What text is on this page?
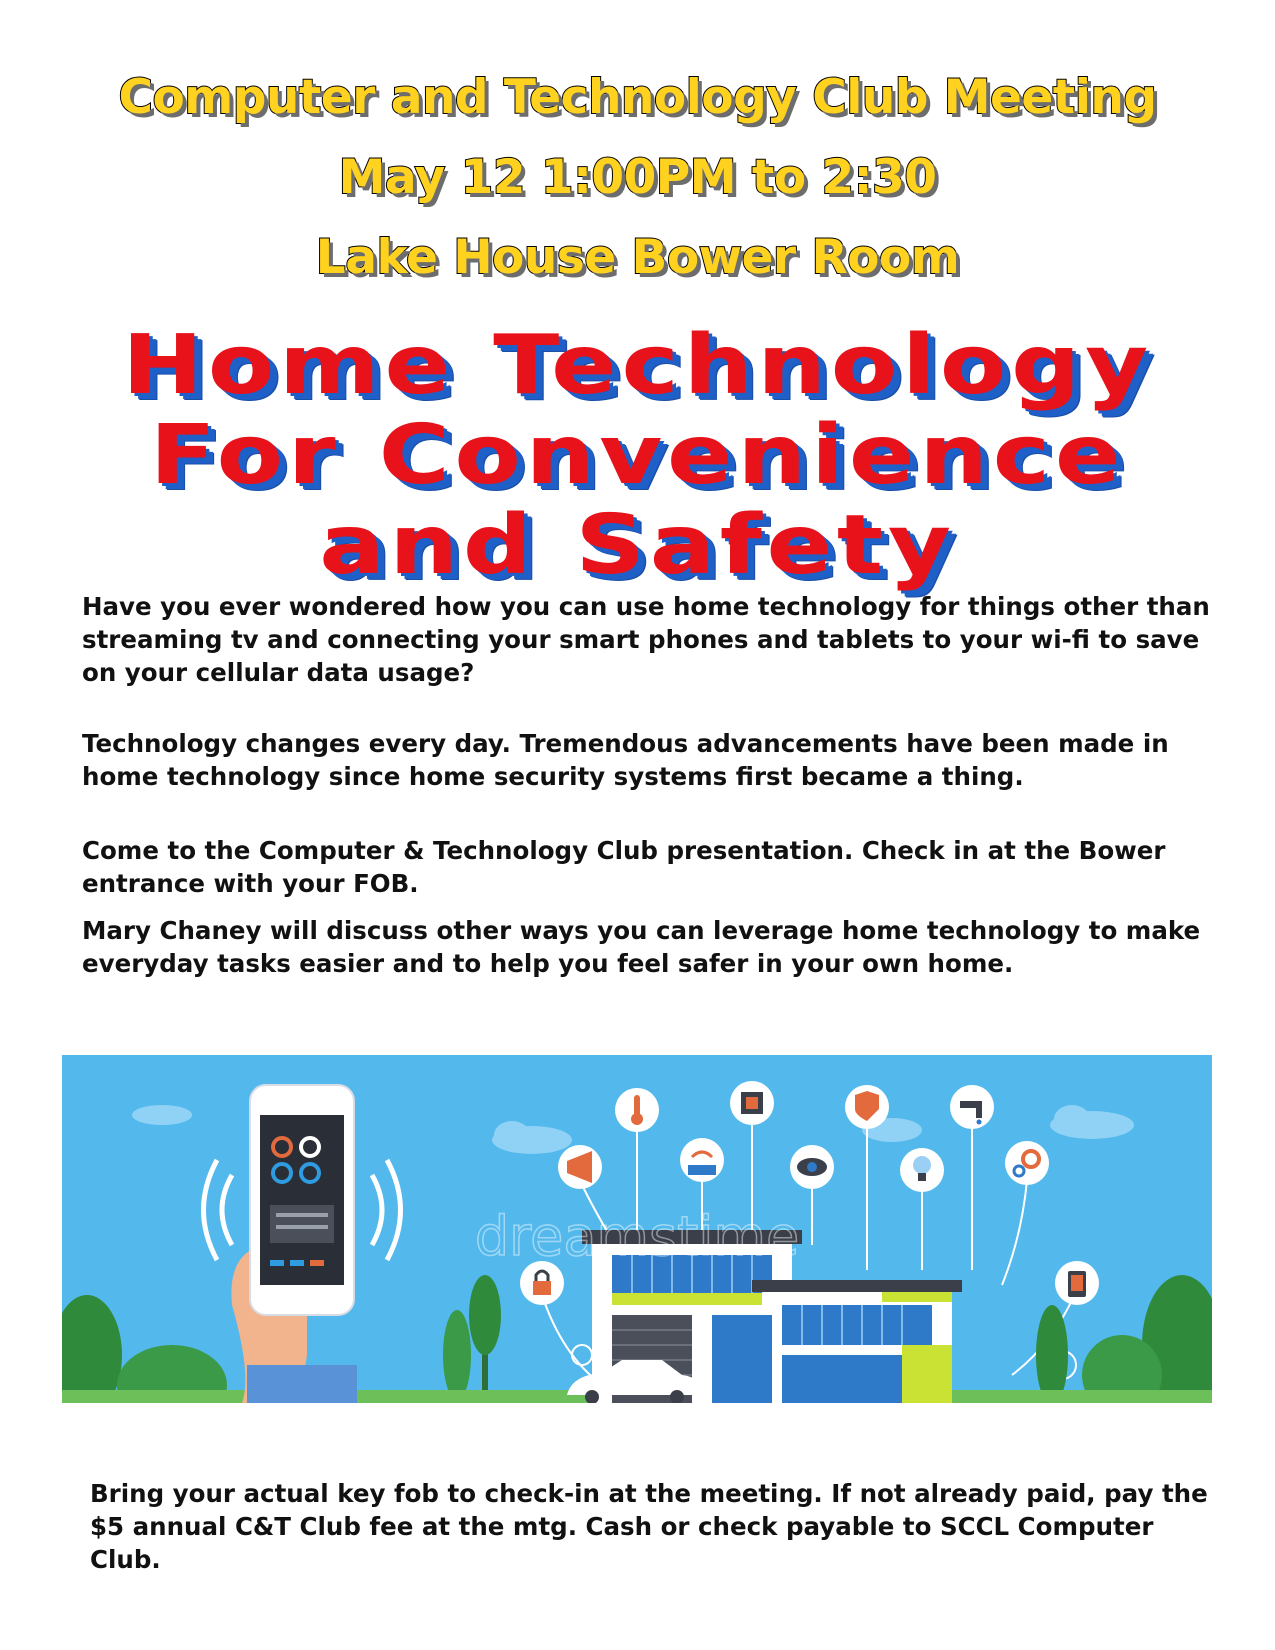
Computer and Technology Club Meeting
May 12 1:00PM to 2:30
Lake House Bower Room
Home Technology
For Convenience
and Safety

Have you ever wondered how you can use home technology for things other than streaming tv and connecting your smart phones and tablets to your wi-fi to save on your cellular data usage?

Technology changes every day. Tremendous advancements have been made in home technology since home security systems first became a thing.

Come to the Computer & Technology Club presentation. Check in at the Bower entrance with your FOB.

Mary Chaney will discuss other ways you can leverage home technology to make everyday tasks easier and to help you feel safer in your own home.

dreamstime

Bring your actual key fob to check-in at the meeting. If not already paid, pay the $5 annual C&T Club fee at the mtg. Cash or check payable to SCCL Computer Club.
